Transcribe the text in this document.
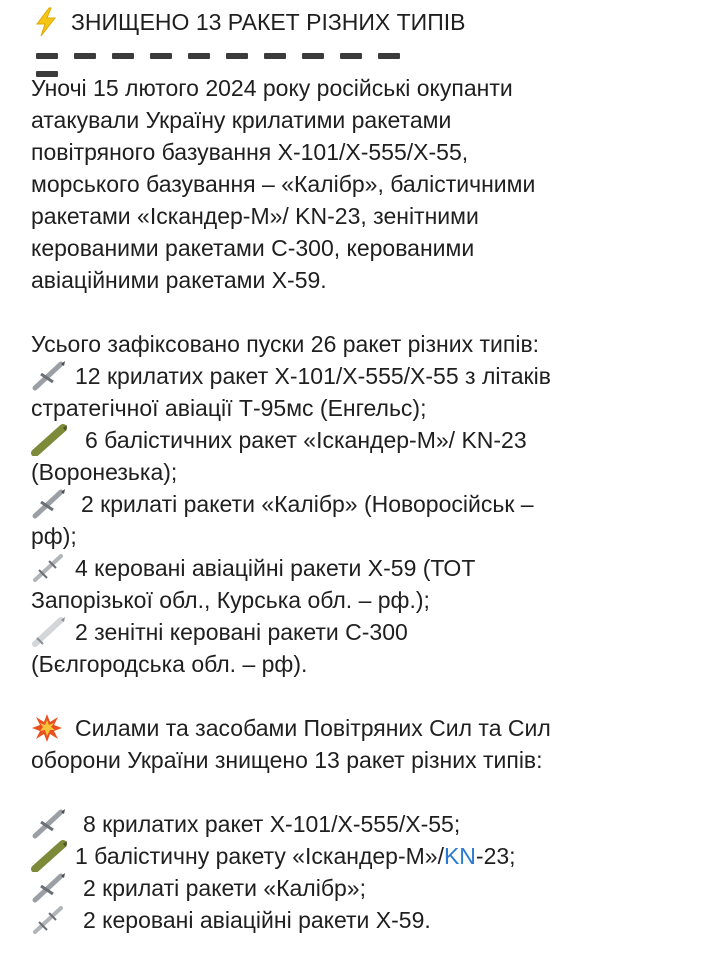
ЗНИЩЕНО 13 РАКЕТ РІЗНИХ ТИПІВ
Уночі 15 лютого 2024 року російські окупанти
атакували Україну крилатими ракетами
повітряного базування Х-101/Х-555/Х-55,
морського базування – «Калібр», балістичними
ракетами «Іскандер-М»/ KN-23, зенітними
керованими ракетами С-300, керованими
авіаційними ракетами Х-59.
Усього зафіксовано пуски 26 ракет різних типів:
12 крилатих ракет Х-101/Х-555/Х-55 з літаків
стратегічної авіації Т-95мс (Енгельс);
6 балістичних ракет «Іскандер-М»/ KN-23
(Воронезька);
2 крилаті ракети «Калібр» (Новоросійськ –
рф);
4 керовані авіаційні ракети Х-59 (ТОТ
Запорізької обл., Курська обл. – рф.);
2 зенітні керовані ракети С-300
(Бєлгородська обл. – рф).
Силами та засобами Повітряних Сил та Сил
оборони України знищено 13 ракет різних типів:
8 крилатих ракет Х-101/Х-555/Х-55;
1 балістичну ракету «Іскандер-М»/KN-23;
2 крилаті ракети «Калібр»;
2 керовані авіаційні ракети Х-59.
